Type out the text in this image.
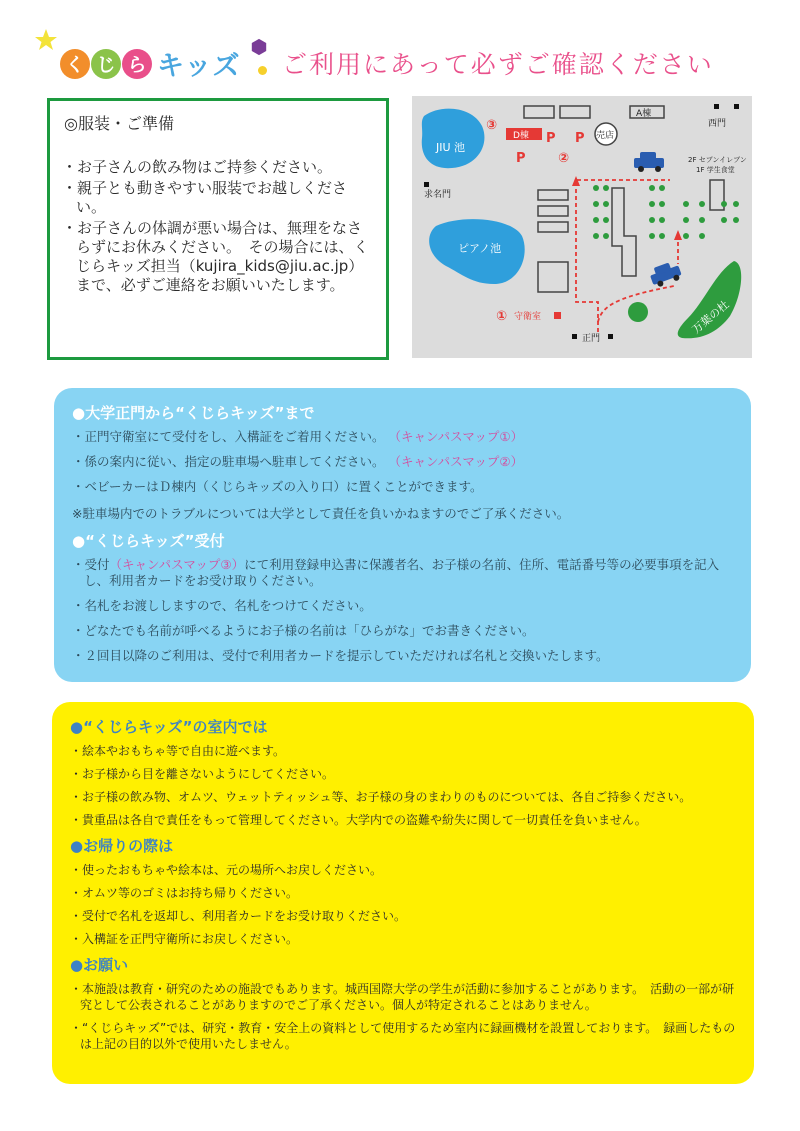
く じ ら キッズ ご利用にあって必ずご確認ください
◎服装・ご準備
・お子さんの飲み物はご持参ください。
・親子とも動きやすい服装でお越しください。
・お子さんの体調が悪い場合は、無理をなさらずにお休みください。　その場合には、くじらキッズ担当（kujira_kids@jiu.ac.jp）まで、必ずご連絡をお願いいたします。
JIU 池
ピアノ池
万葉の杜
A棟
D棟	売店
P
P P
③
②
① 守衛室
西門
求名門
正門
2F セブンイレブン
1F 学生食堂
●大学正門から“くじらキッズ”まで
・正門守衛室にて受付をし、入構証をご着用ください。 （キャンパスマップ①）
・係の案内に従い、指定の駐車場へ駐車してください。 （キャンパスマップ②）
・ベビーカーはＤ棟内（くじらキッズの入り口）に置くことができます。
※駐車場内でのトラブルについては大学として責任を負いかねますのでご了承ください。
●“くじらキッズ”受付
・受付（キャンパスマップ③）にて利用登録申込書に保護者名、お子様の名前、住所、電話番号等の必要事項を記入し、利用者カードをお受け取りください。
・名札をお渡ししますので、名札をつけてください。
・どなたでも名前が呼べるようにお子様の名前は「ひらがな」でお書きください。
・２回目以降のご利用は、受付で利用者カードを提示していただければ名札と交換いたします。
●“くじらキッズ”の室内では
・絵本やおもちゃ等で自由に遊べます。
・お子様から目を離さないようにしてください。
・お子様の飲み物、オムツ、ウェットティッシュ等、お子様の身のまわりのものについては、各自ご持参ください。
・貴重品は各自で責任をもって管理してください。大学内での盗難や紛失に関して一切責任を負いません。
●お帰りの際は
・使ったおもちゃや絵本は、元の場所へお戻しください。
・オムツ等のゴミはお持ち帰りください。
・受付で名札を返却し、利用者カードをお受け取りください。
・入構証を正門守衛所にお戻しください。
●お願い
・本施設は教育・研究のための施設でもあります。城西国際大学の学生が活動に参加することがあります。　活動の一部が研究として公表されることがありますのでご了承ください。個人が特定されることはありません。
・“くじらキッズ”では、研究・教育・安全上の資料として使用するため室内に録画機材を設置しております。　録画したものは上記の目的以外で使用いたしません。
